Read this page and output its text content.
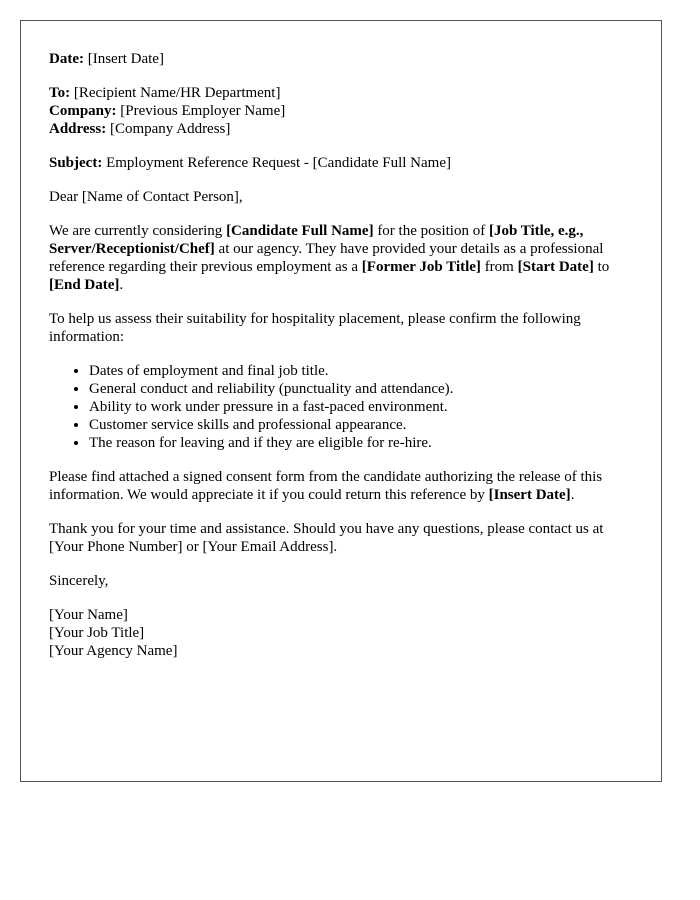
Date: [Insert Date]

To: [Recipient Name/HR Department]

Company: [Previous Employer Name]

Address: [Company Address]

Subject: Employment Reference Request - [Candidate Full Name]

Dear [Name of Contact Person],

We are currently considering [Candidate Full Name] for the position of [Job Title, e.g., Server/Receptionist/Chef] at our agency. They have provided your details as a professional reference regarding their previous employment as a [Former Job Title] from [Start Date] to [End Date].

To help us assess their suitability for hospitality placement, please confirm the following information:

• Dates of employment and final job title.
• General conduct and reliability (punctuality and attendance).
• Ability to work under pressure in a fast-paced environment.
• Customer service skills and professional appearance.
• The reason for leaving and if they are eligible for re-hire.

Please find attached a signed consent form from the candidate authorizing the release of this information. We would appreciate it if you could return this reference by [Insert Date].

Thank you for your time and assistance. Should you have any questions, please contact us at [Your Phone Number] or [Your Email Address].

Sincerely,

[Your Name]

[Your Job Title]

[Your Agency Name]
